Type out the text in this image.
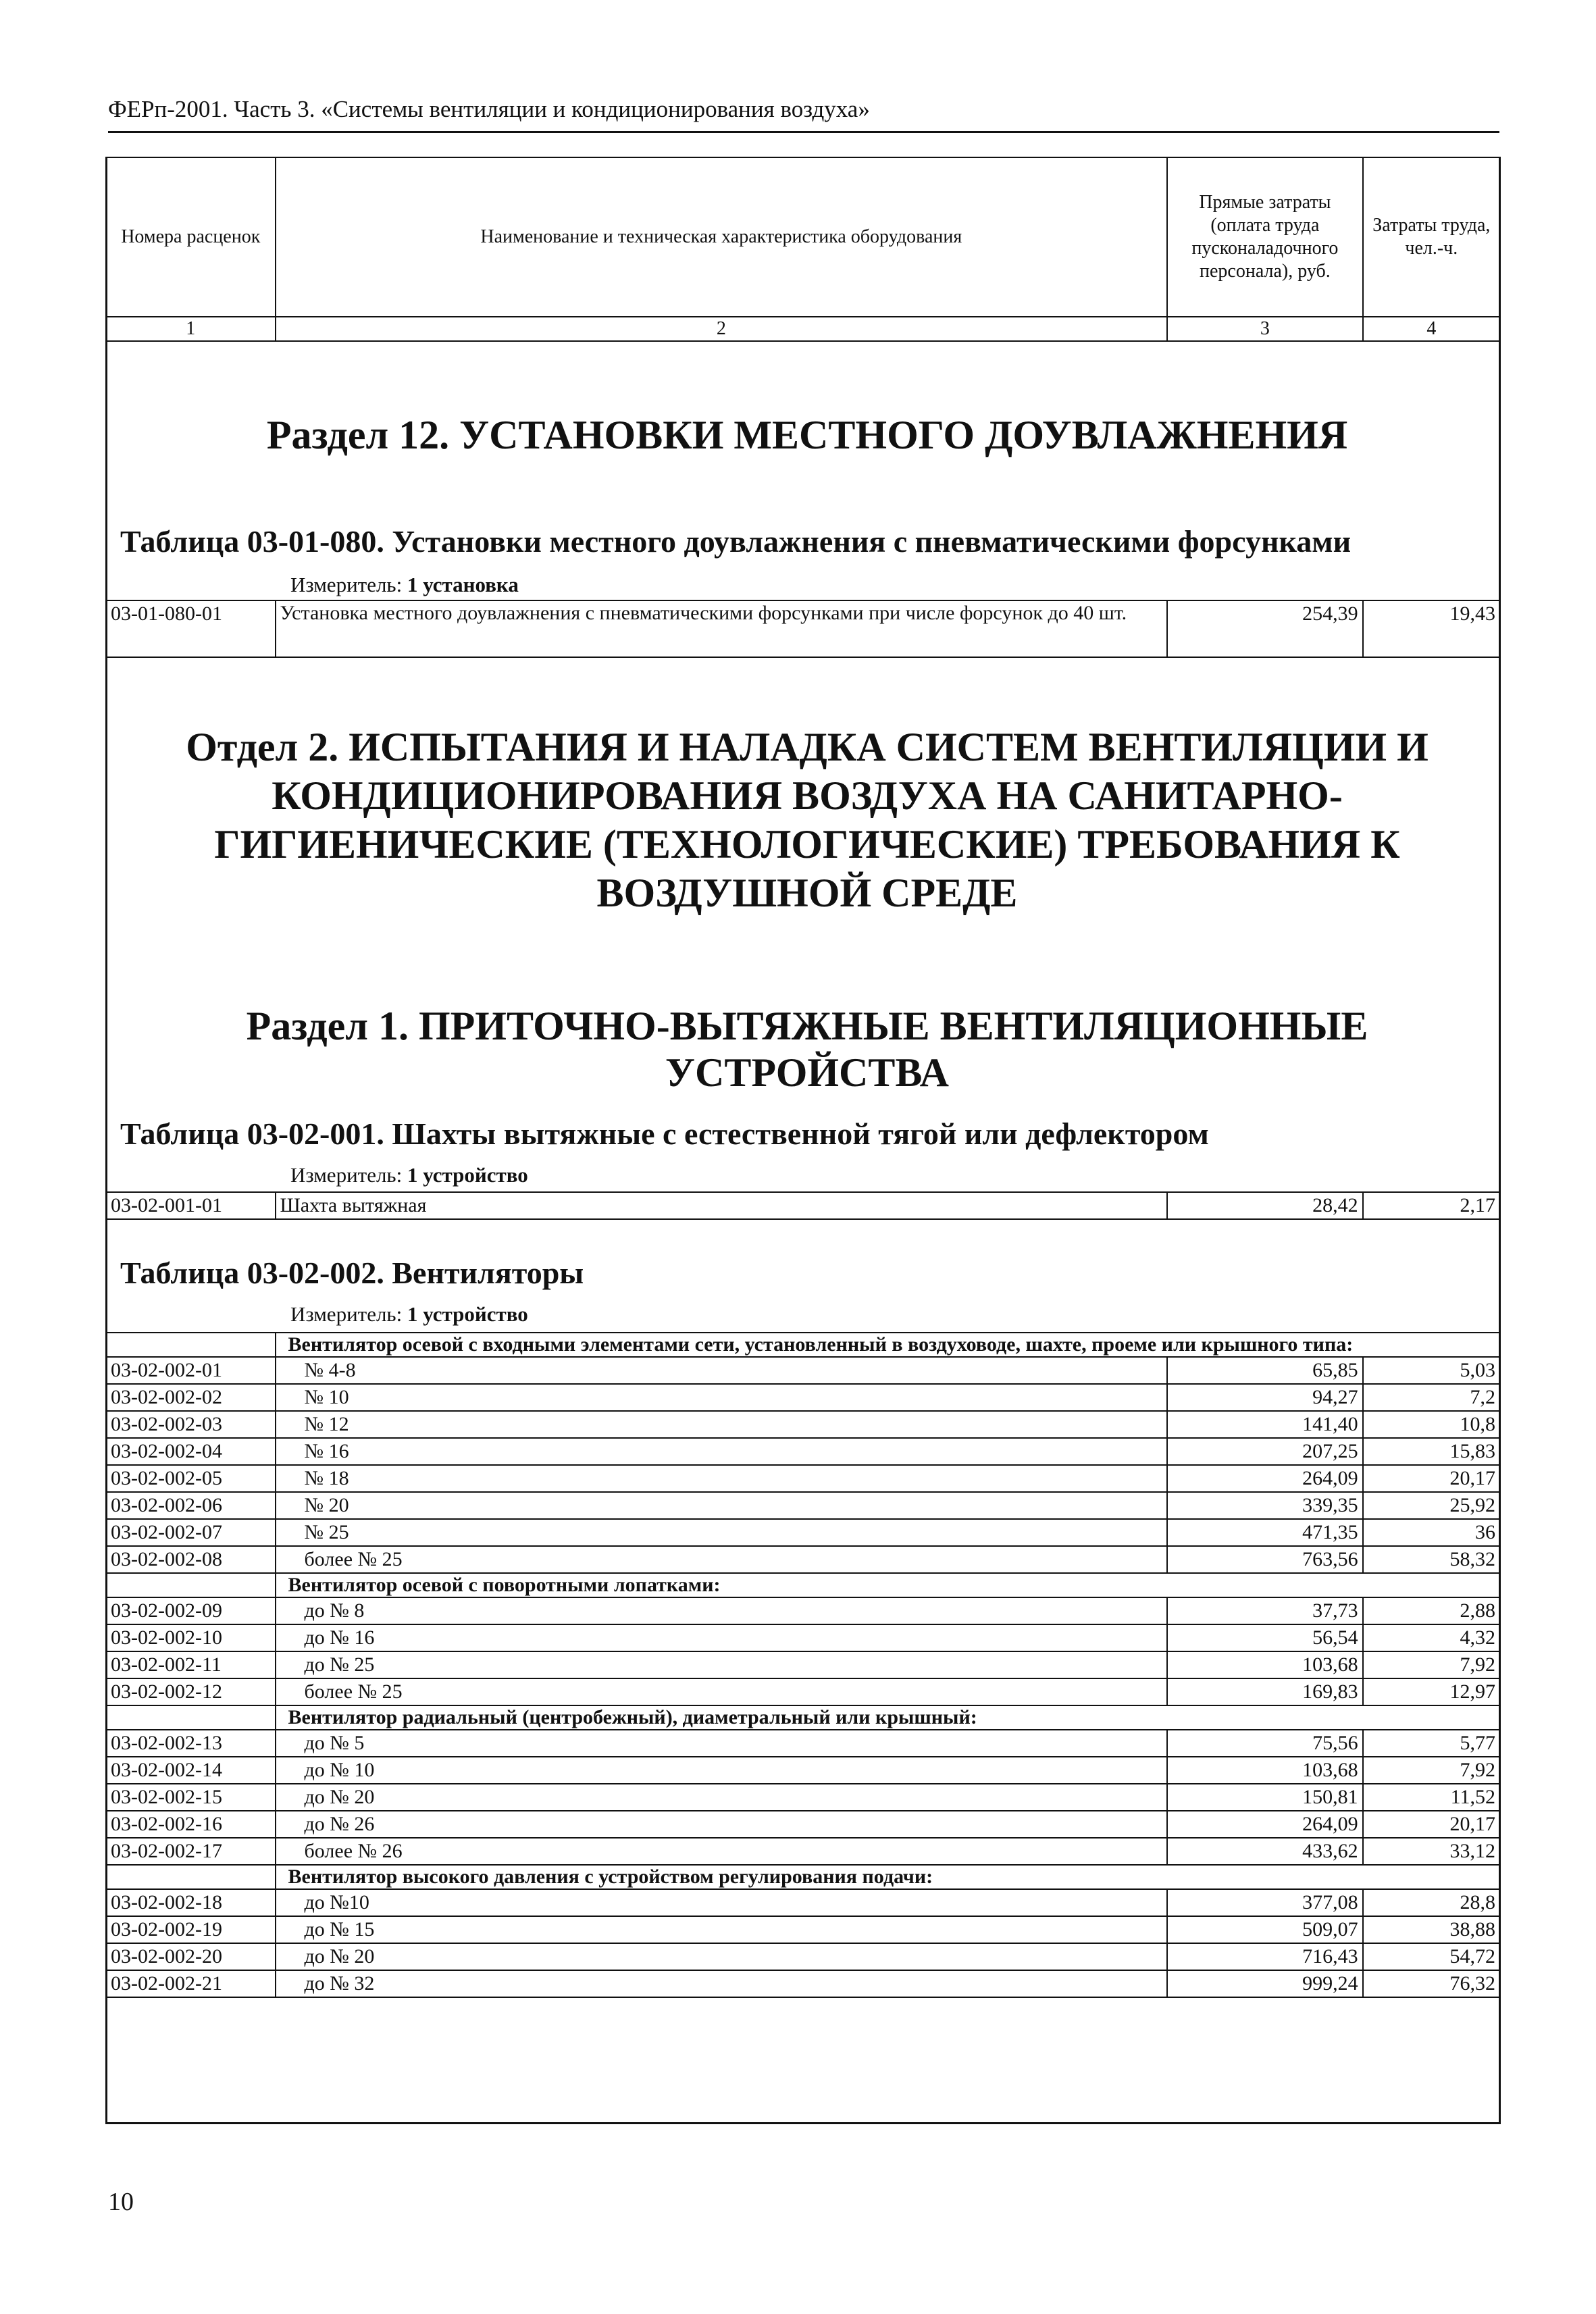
ФЕРп-2001. Часть 3. «Системы вентиляции и кондиционирования воздуха»
Номера расценок	Наименование и техническая характеристика оборудования	Прямые затраты (оплата труда пусконаладочного персонала), руб.	Затраты труда, чел.-ч.
1	2	3	4
Раздел 12. УСТАНОВКИ МЕСТНОГО ДОУВЛАЖНЕНИЯ
Таблица 03-01-080. Установки местного доувлажнения с пневматическими форсунками
Измеритель: 1 установка
03-01-080-01	Установка местного доувлажнения с пневматическими форсунками при числе форсунок до 40 шт.	254,39	19,43
Отдел 2. ИСПЫТАНИЯ И НАЛАДКА СИСТЕМ ВЕНТИЛЯЦИИ И КОНДИЦИОНИРОВАНИЯ ВОЗДУХА НА САНИТАРНО-ГИГИЕНИЧЕСКИЕ (ТЕХНОЛОГИЧЕСКИЕ) ТРЕБОВАНИЯ К ВОЗДУШНОЙ СРЕДЕ
Раздел 1. ПРИТОЧНО-ВЫТЯЖНЫЕ ВЕНТИЛЯЦИОННЫЕ УСТРОЙСТВА
Таблица 03-02-001. Шахты вытяжные с естественной тягой или дефлектором
Измеритель: 1 устройство
03-02-001-01	Шахта вытяжная	28,42	2,17
Таблица 03-02-002. Вентиляторы
Измеритель: 1 устройство
	Вентилятор осевой с входными элементами сети, установленный в воздуховоде, шахте, проеме или крышного типа:		
03-02-002-01	№ 4-8	65,85	5,03
03-02-002-02	№ 10	94,27	7,2
03-02-002-03	№ 12	141,40	10,8
03-02-002-04	№ 16	207,25	15,83
03-02-002-05	№ 18	264,09	20,17
03-02-002-06	№ 20	339,35	25,92
03-02-002-07	№ 25	471,35	36
03-02-002-08	более № 25	763,56	58,32
	Вентилятор осевой с поворотными лопатками:		
03-02-002-09	до № 8	37,73	2,88
03-02-002-10	до № 16	56,54	4,32
03-02-002-11	до № 25	103,68	7,92
03-02-002-12	более № 25	169,83	12,97
	Вентилятор радиальный (центробежный), диаметральный или крышный:		
03-02-002-13	до № 5	75,56	5,77
03-02-002-14	до № 10	103,68	7,92
03-02-002-15	до № 20	150,81	11,52
03-02-002-16	до № 26	264,09	20,17
03-02-002-17	более № 26	433,62	33,12
	Вентилятор высокого давления с устройством регулирования подачи:		
03-02-002-18	до №10	377,08	28,8
03-02-002-19	до № 15	509,07	38,88
03-02-002-20	до № 20	716,43	54,72
03-02-002-21	до № 32	999,24	76,32
10
